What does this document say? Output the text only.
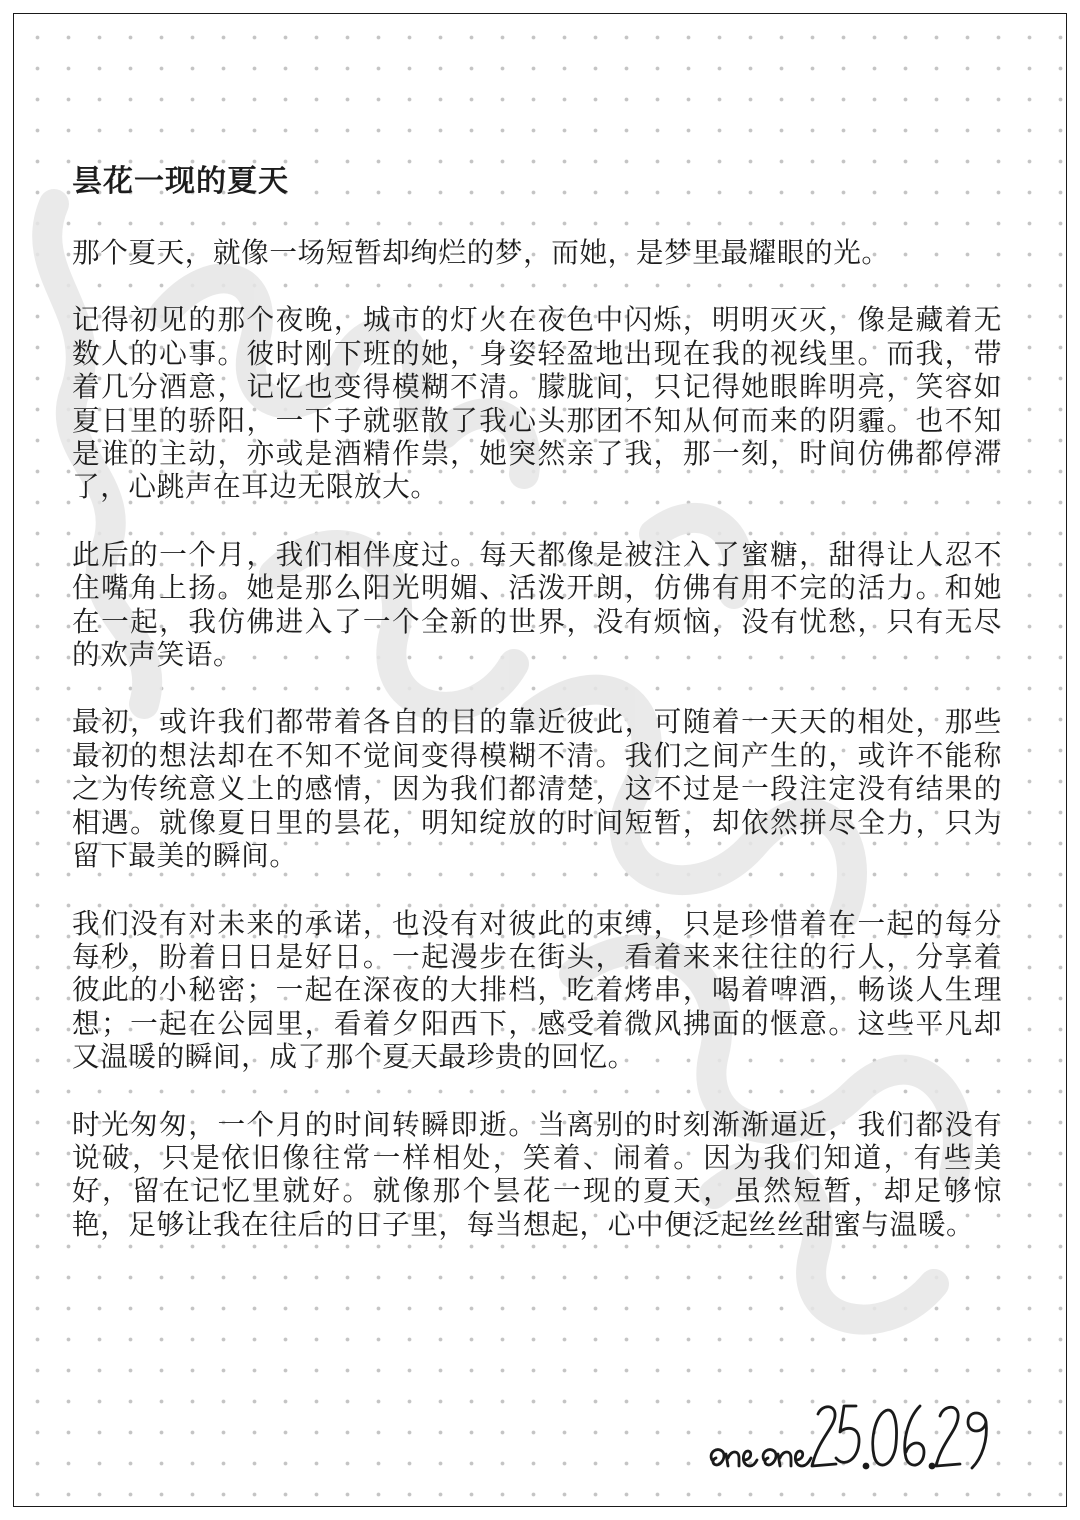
昙花一现的夏天

那个夏天，就像一场短暂却绚烂的梦，而她，是梦里最耀眼的光。

记得初见的那个夜晚，城市的灯火在夜色中闪烁，明明灭灭，像是藏着无数人的心事。彼时刚下班的她，身姿轻盈地出现在我的视线里。而我，带着几分酒意，记忆也变得模糊不清。朦胧间，只记得她眼眸明亮，笑容如夏日里的骄阳，一下子就驱散了我心头那团不知从何而来的阴霾。也不知是谁的主动，亦或是酒精作祟，她突然亲了我，那一刻，时间仿佛都停滞了，心跳声在耳边无限放大。

此后的一个月，我们相伴度过。每天都像是被注入了蜜糖，甜得让人忍不住嘴角上扬。她是那么阳光明媚、活泼开朗，仿佛有用不完的活力。和她在一起，我仿佛进入了一个全新的世界，没有烦恼，没有忧愁，只有无尽的欢声笑语。

最初，或许我们都带着各自的目的靠近彼此，可随着一天天的相处，那些最初的想法却在不知不觉间变得模糊不清。我们之间产生的，或许不能称之为传统意义上的感情，因为我们都清楚，这不过是一段注定没有结果的相遇。就像夏日里的昙花，明知绽放的时间短暂，却依然拼尽全力，只为留下最美的瞬间。

我们没有对未来的承诺，也没有对彼此的束缚，只是珍惜着在一起的每分每秒，盼着日日是好日。一起漫步在街头，看着来来往往的行人，分享着彼此的小秘密；一起在深夜的大排档，吃着烤串，喝着啤酒，畅谈人生理想；一起在公园里，看着夕阳西下，感受着微风拂面的惬意。这些平凡却又温暖的瞬间，成了那个夏天最珍贵的回忆。

时光匆匆，一个月的时间转瞬即逝。当离别的时刻渐渐逼近，我们都没有说破，只是依旧像往常一样相处，笑着、闹着。因为我们知道，有些美好，留在记忆里就好。就像那个昙花一现的夏天，虽然短暂，却足够惊艳，足够让我在往后的日子里，每当想起，心中便泛起丝丝甜蜜与温暖。
